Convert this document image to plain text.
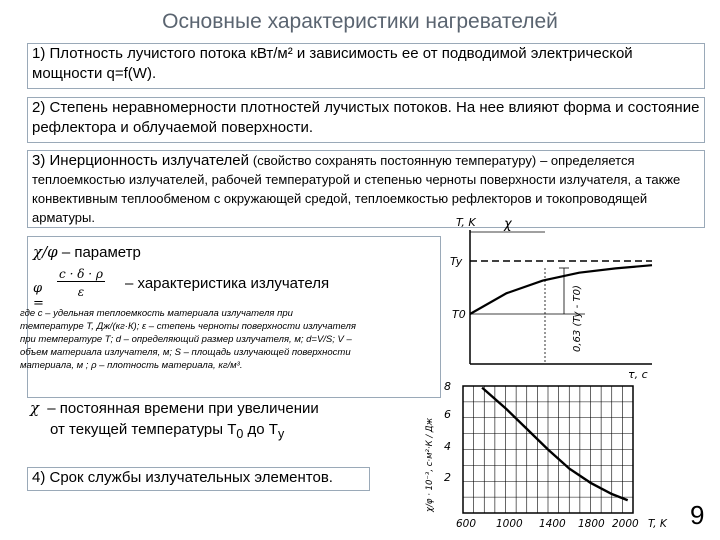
Основные характеристики нагревателей
1) Плотность лучистого потока кВт/м² и зависимость ее от подводимой электрической мощности q=f(W).
2) Степень неравномерности плотностей лучистых потоков. На нее влияют форма и состояние рефлектора и облучаемой поверхности.
3) Инерционность излучателей (свойство сохранять постоянную температуру) – определяется теплоемкостью излучателей, рабочей температурой и степенью черноты поверхности излучателя, а также конвективным теплообменом с окружающей средой, теплоемкостью рефлекторов и токопроводящей арматуры.
χ/φ – параметр
φ =
c · δ · ρ
ε	– характеристика излучателя
где с – удельная теплоемкость материала излучателя при температуре Т, Дж/(кг·К); ε – степень черноты поверхности излучателя при температуре Т; d – определяющий размер излучателя, м; d=V/S; V – объем материала излучателя, м; S – площадь излучающей поверхности материала, м ; ρ – плотность материала, кг/м³.
χ – постоянная времени при увеличении
от текущей температуры $Т_0$ до $Т_у$
4) Срок службы излучательных элементов.
T, K
Ty
T0
χ
0,63 (Ty - T0)
τ, c
8
6
4
2
χ/φ · 10⁻³, с·м²·К / Дж
600 1000 1400 1800 2000 T, K 9
